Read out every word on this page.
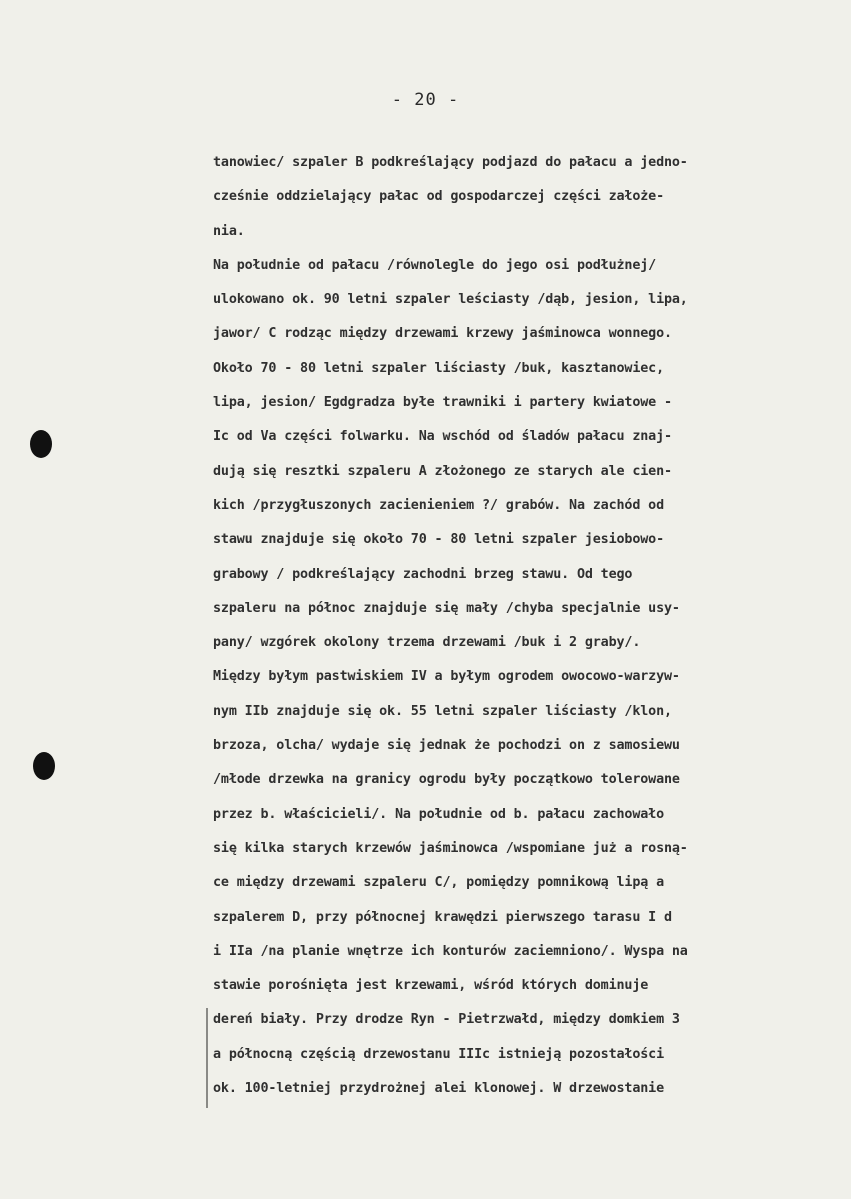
- 20 -
tanowiec/ szpaler B podkreślający podjazd do pałacu a jedno-
cześnie oddzielający pałac od gospodarczej części założe-
nia.
Na południe od pałacu /równolegle do jego osi podłużnej/
ulokowano ok. 90 letni szpaler leściasty /dąb, jesion, lipa,
jawor/ C rodząc między drzewami krzewy jaśminowca wonnego.
Około 70 - 80 letni szpaler liściasty /buk, kasztanowiec,
lipa, jesion/ Egdgradza byłe trawniki i partery kwiatowe -
Ic od Va części folwarku. Na wschód od śladów pałacu znaj-
dują się resztki szpaleru A złożonego ze starych ale cien-
kich /przygłuszonych zacienieniem ?/ grabów. Na zachód od
stawu znajduje się około 70 - 80 letni szpaler jesiobowo-
grabowy / podkreślający zachodni brzeg stawu. Od tego
szpaleru na północ znajduje się mały /chyba specjalnie usy-
pany/ wzgórek okolony trzema drzewami /buk i 2 graby/.
Między byłym pastwiskiem IV a byłym ogrodem owocowo-warzyw-
nym IIb znajduje się ok. 55 letni szpaler liściasty /klon,
brzoza, olcha/ wydaje się jednak że pochodzi on z samosiewu
/młode drzewka na granicy ogrodu były początkowo tolerowane
przez b. właścicieli/. Na południe od b. pałacu zachowało
się kilka starych krzewów jaśminowca /wspomiane już a rosną-
ce między drzewami szpaleru C/, pomiędzy pomnikową lipą a
szpalerem D, przy północnej krawędzi pierwszego tarasu I d
i IIa /na planie wnętrze ich konturów zaciemniono/. Wyspa na
stawie porośnięta jest krzewami, wśród których dominuje
dereń biały. Przy drodze Ryn - Pietrzwałd, między domkiem 3
a północną częścią drzewostanu IIIc istnieją pozostałości
ok. 100-letniej przydrożnej alei klonowej. W drzewostanie
